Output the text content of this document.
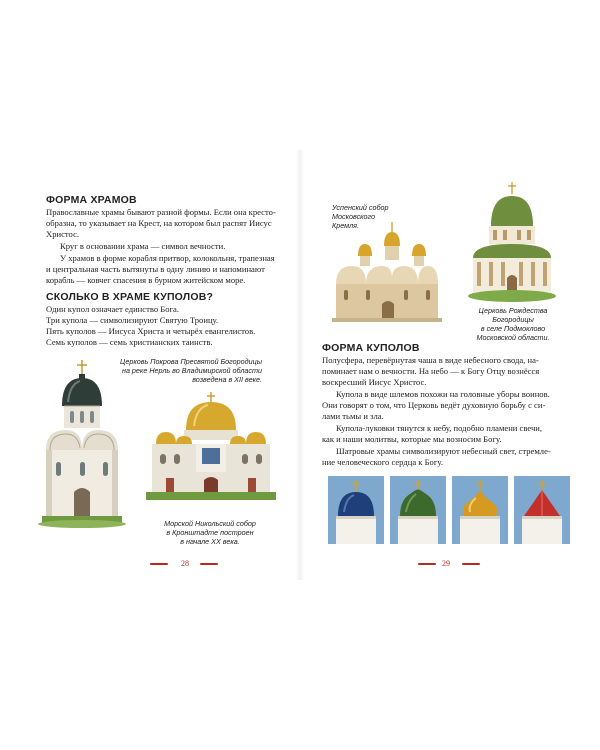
ФОРМА ХРАМОВ

Православные храмы бывают разной формы. Если она кресто-

образна, то указывает на Крест, на котором был распят Иисус

Христос.

Круг в основании храма — символ вечности.

У храмов в форме корабля притвор, колокольня, трапезная

и центральная часть вытянуты в одну линию и напоминают

корабль — ковчег спасения в бурном житейском море.

СКОЛЬКО В ХРАМЕ КУПОЛОВ?

Один купол означает единство Бога.

Три купола — символизируют Святую Троицу.

Пять куполов — Иисуса Христа и четырёх евангелистов.

Семь куполов — семь христианских таинств.

Церковь Покрова Пресвятой Богородицы
на реке Нерль во Владимирской области
возведена в XII веке.
Морской Никольский собор
в Кронштадте построен
в начале XX века.
28
Успенский собор
Московского
Кремля.
Церковь Рождества Богородицы
в селе Подмоклово
Московской области.
ФОРМА КУПОЛОВ

Полусфера, перевёрнутая чаша в виде небесного свода, на-

поминает нам о вечности. На небо — к Богу Отцу вознёсся

воскресший Иисус Христос.

Купола в виде шлемов похожи на головные уборы воинов.

Они говорят о том, что Церковь ведёт духовную борьбу с си-

лами тьмы и зла.

Купола-луковки тянутся к небу, подобно пламени свечи,

как и наши молитвы, которые мы возносим Богу.

Шатровые храмы символизируют небесный свет, стремле-

ние человеческого сердца к Богу.

29
